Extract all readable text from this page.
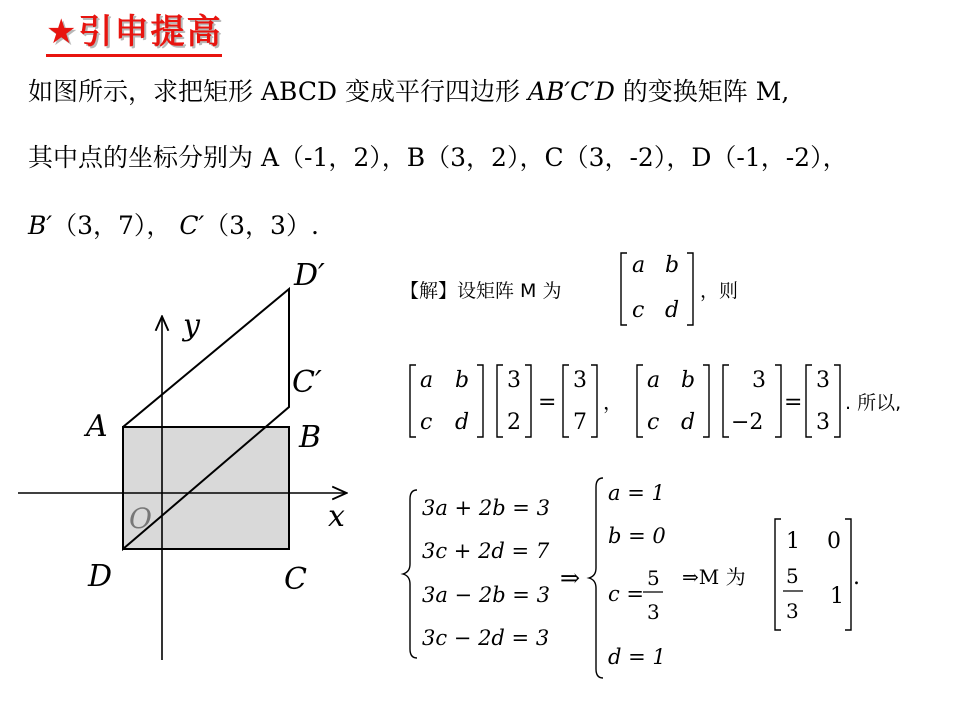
★引申提高
如图所示，求把矩形 ABCD 变成平行四边形 AB′C′D 的变换矩阵 M,
其中点的坐标分别为 A（-1，2），B（3，2），C（3，-2），D（-1，-2），
B′（3，7）， C′（3，3）.
y
x
O
A	B
C
D
D′
C′
【解】设矩阵 M 为
a b
c d
，则
a b
c d
3
2
=
3
7
，
a b
c d
3
−2
=
3
3
. 所以,
3a + 2b = 3
3c + 2d = 7
3a − 2b = 3
3c − 2d = 3
⇒
a = 1
b = 0
c =
5
3
d = 1
⇒M 为
1 0
5
3
1
.
